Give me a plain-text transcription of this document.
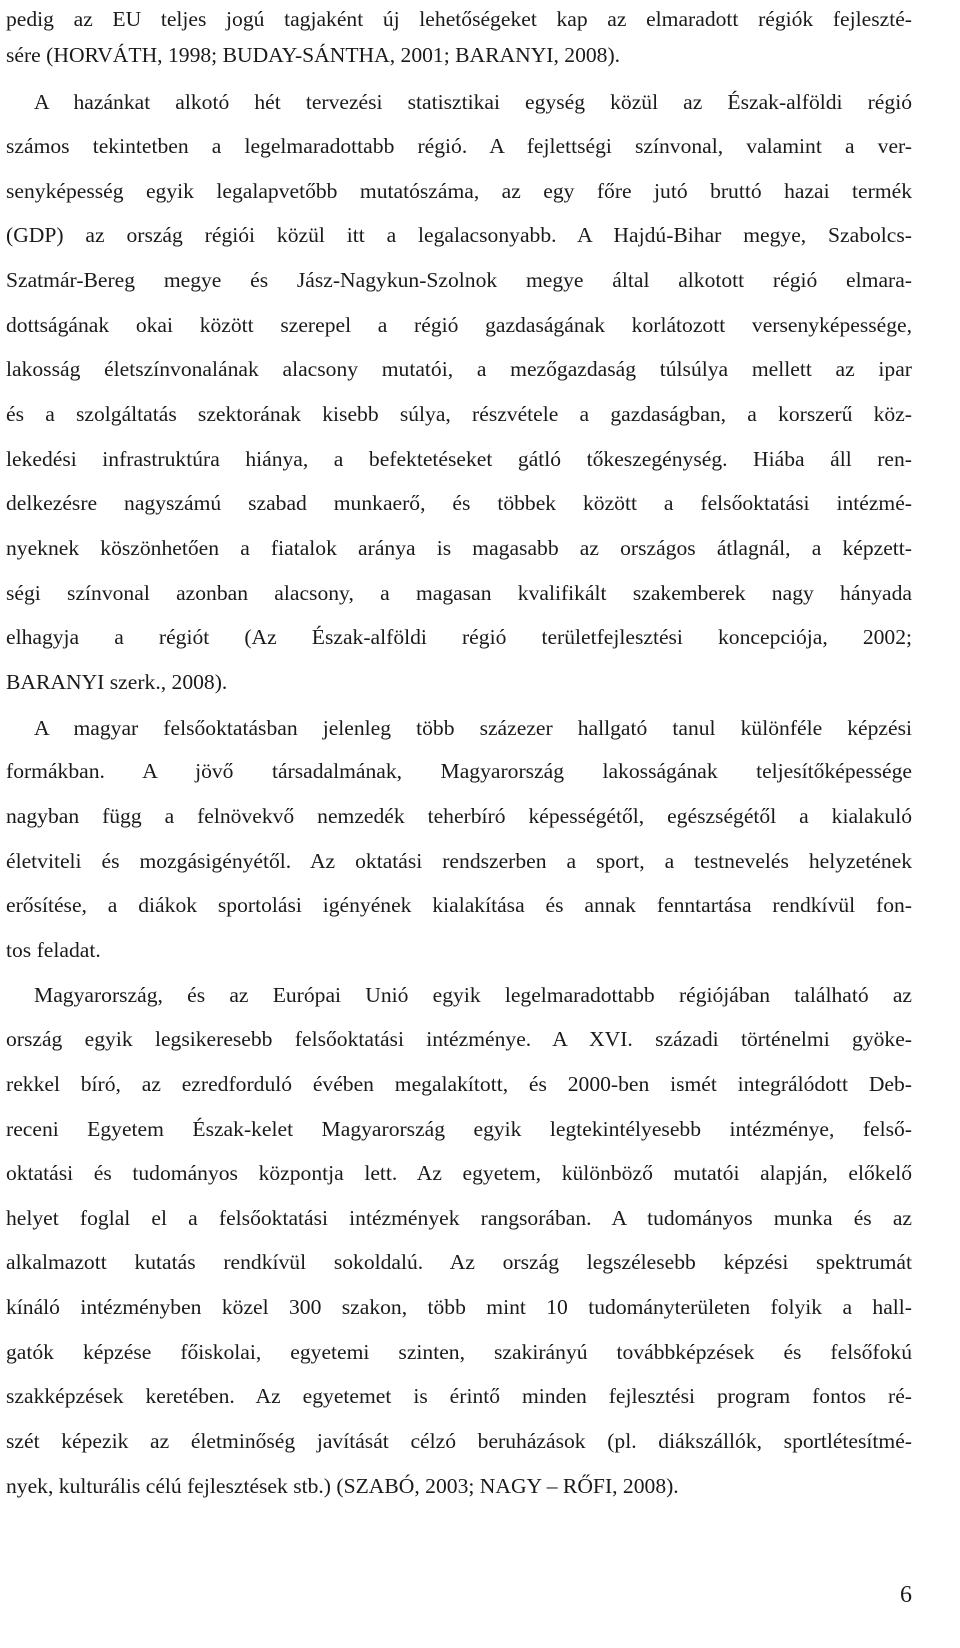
pedig az EU teljes jogú tagjaként új lehetőségeket kap az elmaradott régiók fejleszté-
sére (HORVÁTH, 1998; BUDAY-SÁNTHA, 2001; BARANYI, 2008).
A hazánkat alkotó hét tervezési statisztikai egység közül az Észak-alföldi régió
számos tekintetben a legelmaradottabb régió. A fejlettségi színvonal, valamint a ver-
senyképesség egyik legalapvetőbb mutatószáma, az egy főre jutó bruttó hazai termék
(GDP) az ország régiói közül itt a legalacsonyabb. A Hajdú-Bihar megye, Szabolcs-
Szatmár-Bereg megye és Jász-Nagykun-Szolnok megye által alkotott régió elmara-
dottságának okai között szerepel a régió gazdaságának korlátozott versenyképessége,
lakosság életszínvonalának alacsony mutatói, a mezőgazdaság túlsúlya mellett az ipar
és a szolgáltatás szektorának kisebb súlya, részvétele a gazdaságban, a korszerű köz-
lekedési infrastruktúra hiánya, a befektetéseket gátló tőkeszegénység. Hiába áll ren-
delkezésre nagyszámú szabad munkaerő, és többek között a felsőoktatási intézmé-
nyeknek köszönhetően a fiatalok aránya is magasabb az országos átlagnál, a képzett-
ségi színvonal azonban alacsony, a magasan kvalifikált szakemberek nagy hányada
elhagyja a régiót (Az Észak-alföldi régió területfejlesztési koncepciója, 2002;
BARANYI szerk., 2008).
A magyar felsőoktatásban jelenleg több százezer hallgató tanul különféle képzési
formákban. A jövő társadalmának, Magyarország lakosságának teljesítőképessége
nagyban függ a felnövekvő nemzedék teherbíró képességétől, egészségétől a kialakuló
életviteli és mozgásigényétől. Az oktatási rendszerben a sport, a testnevelés helyzetének
erősítése, a diákok sportolási igényének kialakítása és annak fenntartása rendkívül fon-
tos feladat.
Magyarország, és az Európai Unió egyik legelmaradottabb régiójában található az
ország egyik legsikeresebb felsőoktatási intézménye. A XVI. századi történelmi gyöke-
rekkel bíró, az ezredforduló évében megalakított, és 2000-ben ismét integrálódott Deb-
receni Egyetem Észak-kelet Magyarország egyik legtekintélyesebb intézménye, felső-
oktatási és tudományos központja lett. Az egyetem, különböző mutatói alapján, előkelő
helyet foglal el a felsőoktatási intézmények rangsorában. A tudományos munka és az
alkalmazott kutatás rendkívül sokoldalú. Az ország legszélesebb képzési spektrumát
kínáló intézményben közel 300 szakon, több mint 10 tudományterületen folyik a hall-
gatók képzése főiskolai, egyetemi szinten, szakirányú továbbképzések és felsőfokú
szakképzések keretében. Az egyetemet is érintő minden fejlesztési program fontos ré-
szét képezik az életminőség javítását célzó beruházások (pl. diákszállók, sportlétesítmé-
nyek, kulturális célú fejlesztések stb.) (SZABÓ, 2003; NAGY – RŐFI, 2008).
6
